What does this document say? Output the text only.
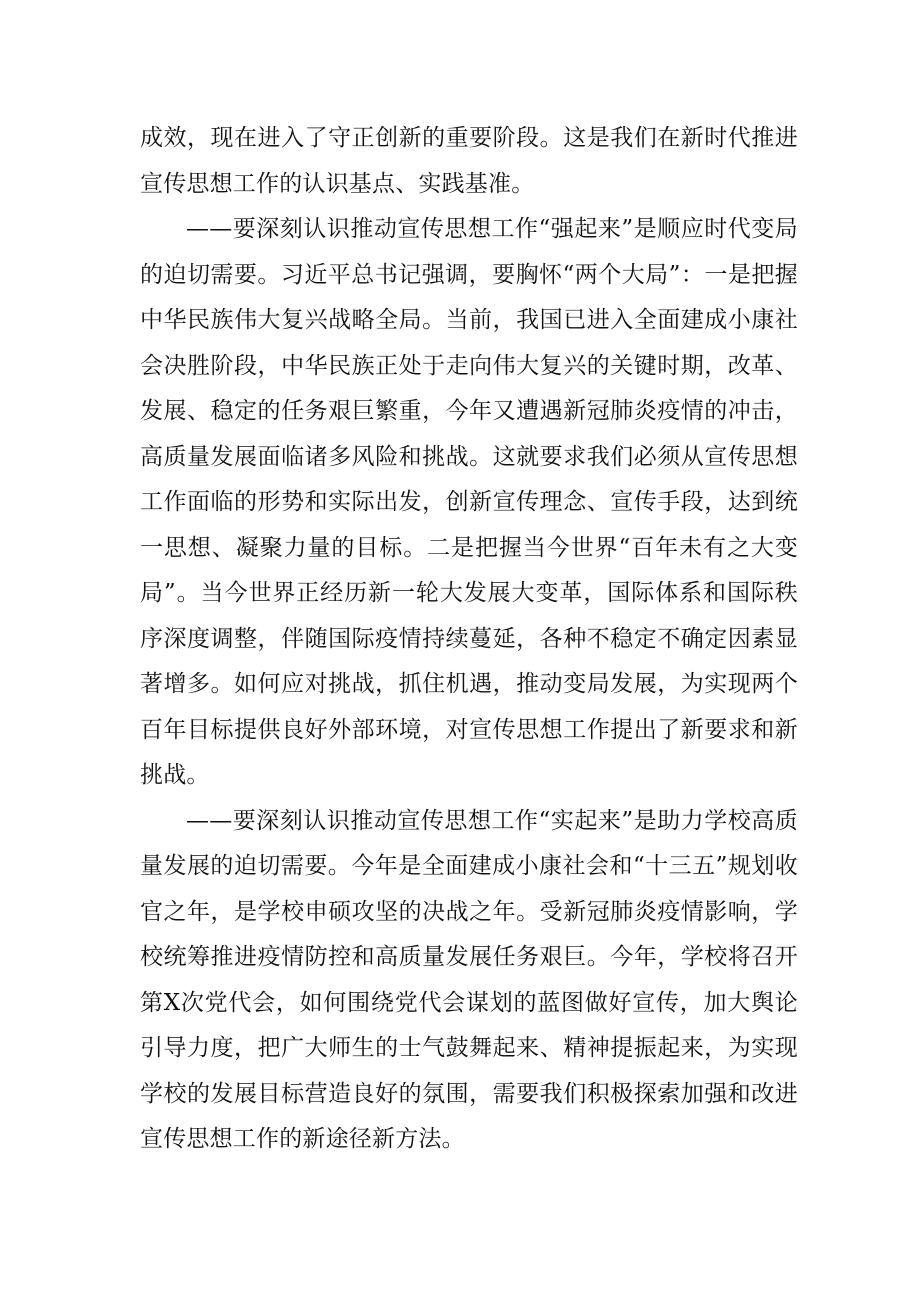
成效，现在进入了守正创新的重要阶段。这是我们在新时代推进宣传思想工作的认识基点、实践基准。

——要深刻认识推动宣传思想工作“强起来”是顺应时代变局的迫切需要。习近平总书记强调，要胸怀“两个大局”：一是把握中华民族伟大复兴战略全局。当前，我国已进入全面建成小康社会决胜阶段，中华民族正处于走向伟大复兴的关键时期，改革、发展、稳定的任务艰巨繁重，今年又遭遇新冠肺炎疫情的冲击，高质量发展面临诸多风险和挑战。这就要求我们必须从宣传思想工作面临的形势和实际出发，创新宣传理念、宣传手段，达到统一思想、凝聚力量的目标。二是把握当今世界“百年未有之大变局”。当今世界正经历新一轮大发展大变革，国际体系和国际秩序深度调整，伴随国际疫情持续蔓延，各种不稳定不确定因素显著增多。如何应对挑战，抓住机遇，推动变局发展，为实现两个百年目标提供良好外部环境，对宣传思想工作提出了新要求和新挑战。

——要深刻认识推动宣传思想工作“实起来”是助力学校高质量发展的迫切需要。今年是全面建成小康社会和“十三五”规划收官之年，是学校申硕攻坚的决战之年。受新冠肺炎疫情影响，学校统筹推进疫情防控和高质量发展任务艰巨。今年，学校将召开第X次党代会，如何围绕党代会谋划的蓝图做好宣传，加大舆论引导力度，把广大师生的士气鼓舞起来、精神提振起来，为实现学校的发展目标营造良好的氛围，需要我们积极探索加强和改进宣传思想工作的新途径新方法。
